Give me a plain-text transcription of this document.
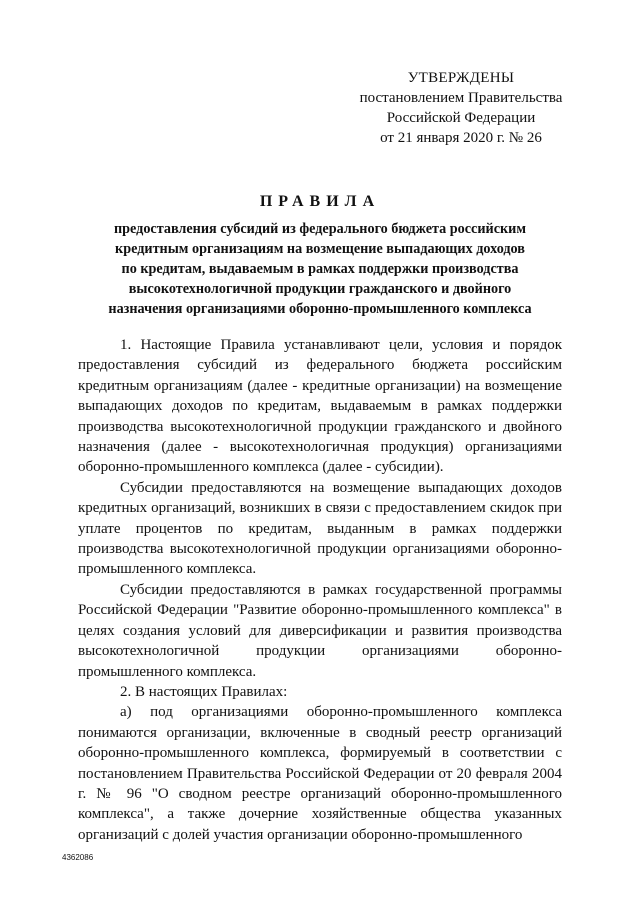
УТВЕРЖДЕНЫ
постановлением Правительства
Российской Федерации
от 21 января 2020 г. № 26
ПРАВИЛА
предоставления субсидий из федерального бюджета российским
кредитным организациям на возмещение выпадающих доходов
по кредитам, выдаваемым в рамках поддержки производства
высокотехнологичной продукции гражданского и двойного
назначения организациями оборонно-промышленного комплекса

1. Настоящие Правила устанавливают цели, условия и порядок предоставления субсидий из федерального бюджета российским кредитным организациям (далее - кредитные организации) на возмещение выпадающих доходов по кредитам, выдаваемым в рамках поддержки производства высокотехнологичной продукции гражданского и двойного назначения (далее - высокотехнологичная продукция) организациями оборонно-промышленного комплекса (далее - субсидии).

Субсидии предоставляются на возмещение выпадающих доходов кредитных организаций, возникших в связи с предоставлением скидок при уплате процентов по кредитам, выданным в рамках поддержки производства высокотехнологичной продукции организациями оборонно-промышленного комплекса.

Субсидии предоставляются в рамках государственной программы Российской Федерации "Развитие оборонно-промышленного комплекса" в целях создания условий для диверсификации и развития производства высокотехнологичной продукции организациями оборонно-промышленного комплекса.

2. В настоящих Правилах:

а) под организациями оборонно-промышленного комплекса понимаются организации, включенные в сводный реестр организаций оборонно-промышленного комплекса, формируемый в соответствии с постановлением Правительства Российской Федерации от 20 февраля 2004 г. № 96 "О сводном реестре организаций оборонно-промышленного комплекса", а также дочерние хозяйственные общества указанных организаций с долей участия организации оборонно-промышленного

4362086
